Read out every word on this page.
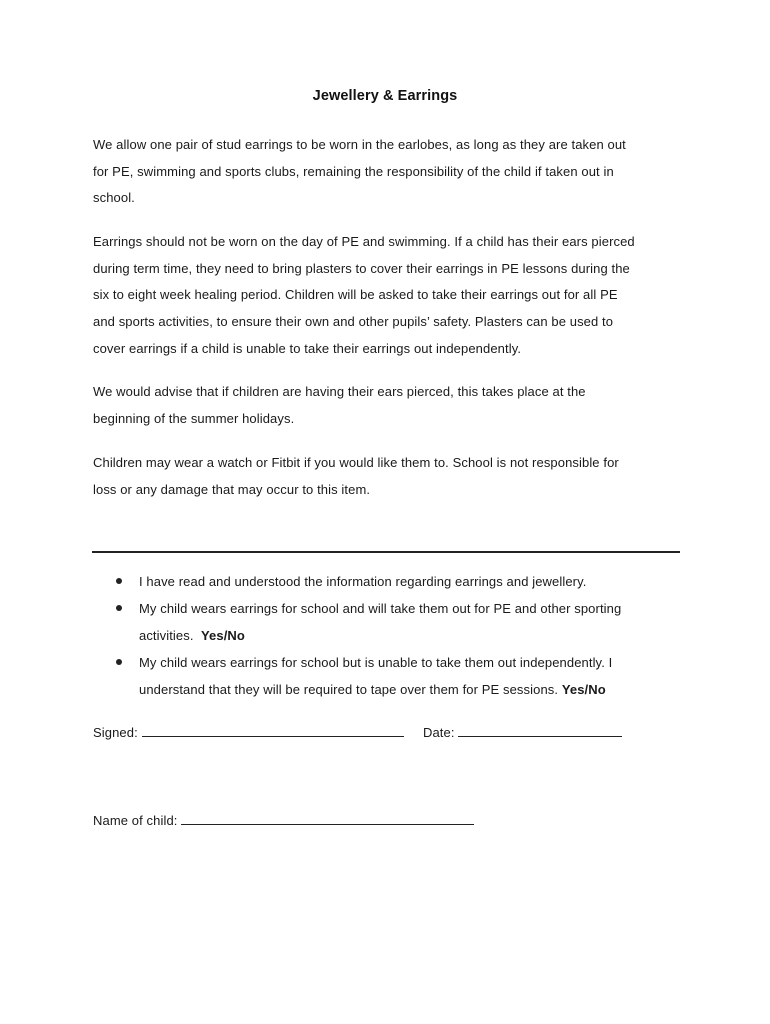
Jewellery & Earrings
We allow one pair of stud earrings to be worn in the earlobes, as long as they are taken out
for PE, swimming and sports clubs, remaining the responsibility of the child if taken out in
school.
Earrings should not be worn on the day of PE and swimming. If a child has their ears pierced
during term time, they need to bring plasters to cover their earrings in PE lessons during the
six to eight week healing period. Children will be asked to take their earrings out for all PE
and sports activities, to ensure their own and other pupils’ safety. Plasters can be used to
cover earrings if a child is unable to take their earrings out independently.
We would advise that if children are having their ears pierced, this takes place at the
beginning of the summer holidays.
Children may wear a watch or Fitbit if you would like them to. School is not responsible for
loss or any damage that may occur to this item.
I have read and understood the information regarding earrings and jewellery.
My child wears earrings for school and will take them out for PE and other sporting
activities. Yes/No
My child wears earrings for school but is unable to take them out independently. I
understand that they will be required to tape over them for PE sessions. Yes/No
Signed:	Date:
Name of child:
